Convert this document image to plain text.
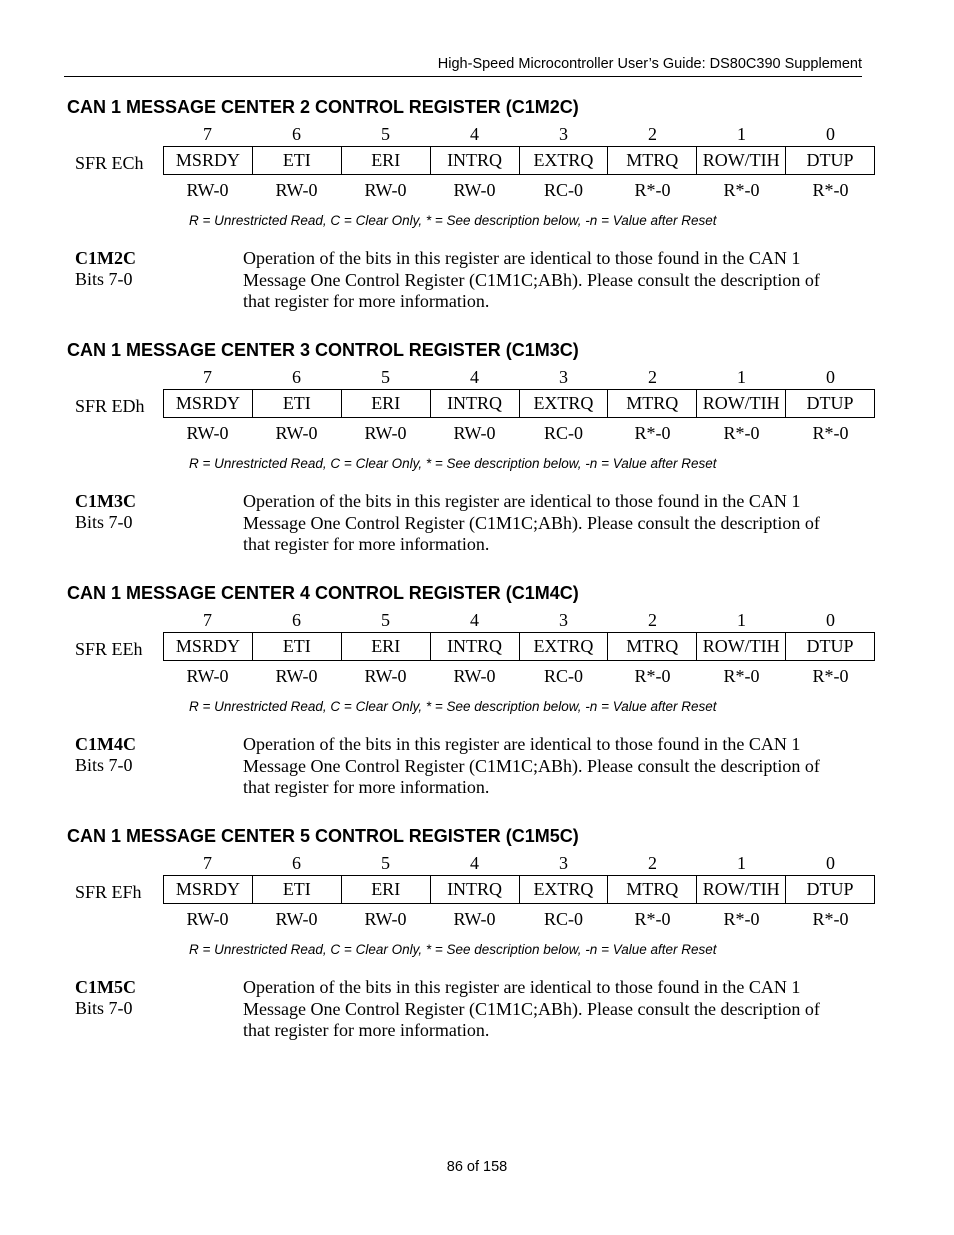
High-Speed Microcontroller User’s Guide: DS80C390 Supplement
CAN 1 MESSAGE CENTER 2 CONTROL REGISTER (C1M2C)
7	6	5	4	3	2	1	0
SFR ECh	MSRDY	ETI	ERI	INTRQ	EXTRQ	MTRQ	ROW/TIH	DTUP
RW-0	RW-0	RW-0	RW-0	RC-0	R*-0	R*-0	R*-0
R = Unrestricted Read, C = Clear Only, * = See description below, -n = Value after Reset
C1M2C
Bits 7-0
Operation of the bits in this register are identical to those found in the CAN 1 Message One Control Register (C1M1C;ABh). Please consult the description of that register for more information.
CAN 1 MESSAGE CENTER 3 CONTROL REGISTER (C1M3C)
7	6	5	4	3	2	1	0
SFR EDh	MSRDY	ETI	ERI	INTRQ	EXTRQ	MTRQ	ROW/TIH	DTUP
RW-0	RW-0	RW-0	RW-0	RC-0	R*-0	R*-0	R*-0
R = Unrestricted Read, C = Clear Only, * = See description below, -n = Value after Reset
C1M3C
Bits 7-0
Operation of the bits in this register are identical to those found in the CAN 1 Message One Control Register (C1M1C;ABh). Please consult the description of that register for more information.
CAN 1 MESSAGE CENTER 4 CONTROL REGISTER (C1M4C)
7	6	5	4	3	2	1	0
SFR EEh	MSRDY	ETI	ERI	INTRQ	EXTRQ	MTRQ	ROW/TIH	DTUP
RW-0	RW-0	RW-0	RW-0	RC-0	R*-0	R*-0	R*-0
R = Unrestricted Read, C = Clear Only, * = See description below, -n = Value after Reset
C1M4C
Bits 7-0
Operation of the bits in this register are identical to those found in the CAN 1 Message One Control Register (C1M1C;ABh). Please consult the description of that register for more information.
CAN 1 MESSAGE CENTER 5 CONTROL REGISTER (C1M5C)
7	6	5	4	3	2	1	0
SFR EFh	MSRDY	ETI	ERI	INTRQ	EXTRQ	MTRQ	ROW/TIH	DTUP
RW-0	RW-0	RW-0	RW-0	RC-0	R*-0	R*-0	R*-0
R = Unrestricted Read, C = Clear Only, * = See description below, -n = Value after Reset
C1M5C
Bits 7-0
Operation of the bits in this register are identical to those found in the CAN 1 Message One Control Register (C1M1C;ABh). Please consult the description of that register for more information.
86 of 158
